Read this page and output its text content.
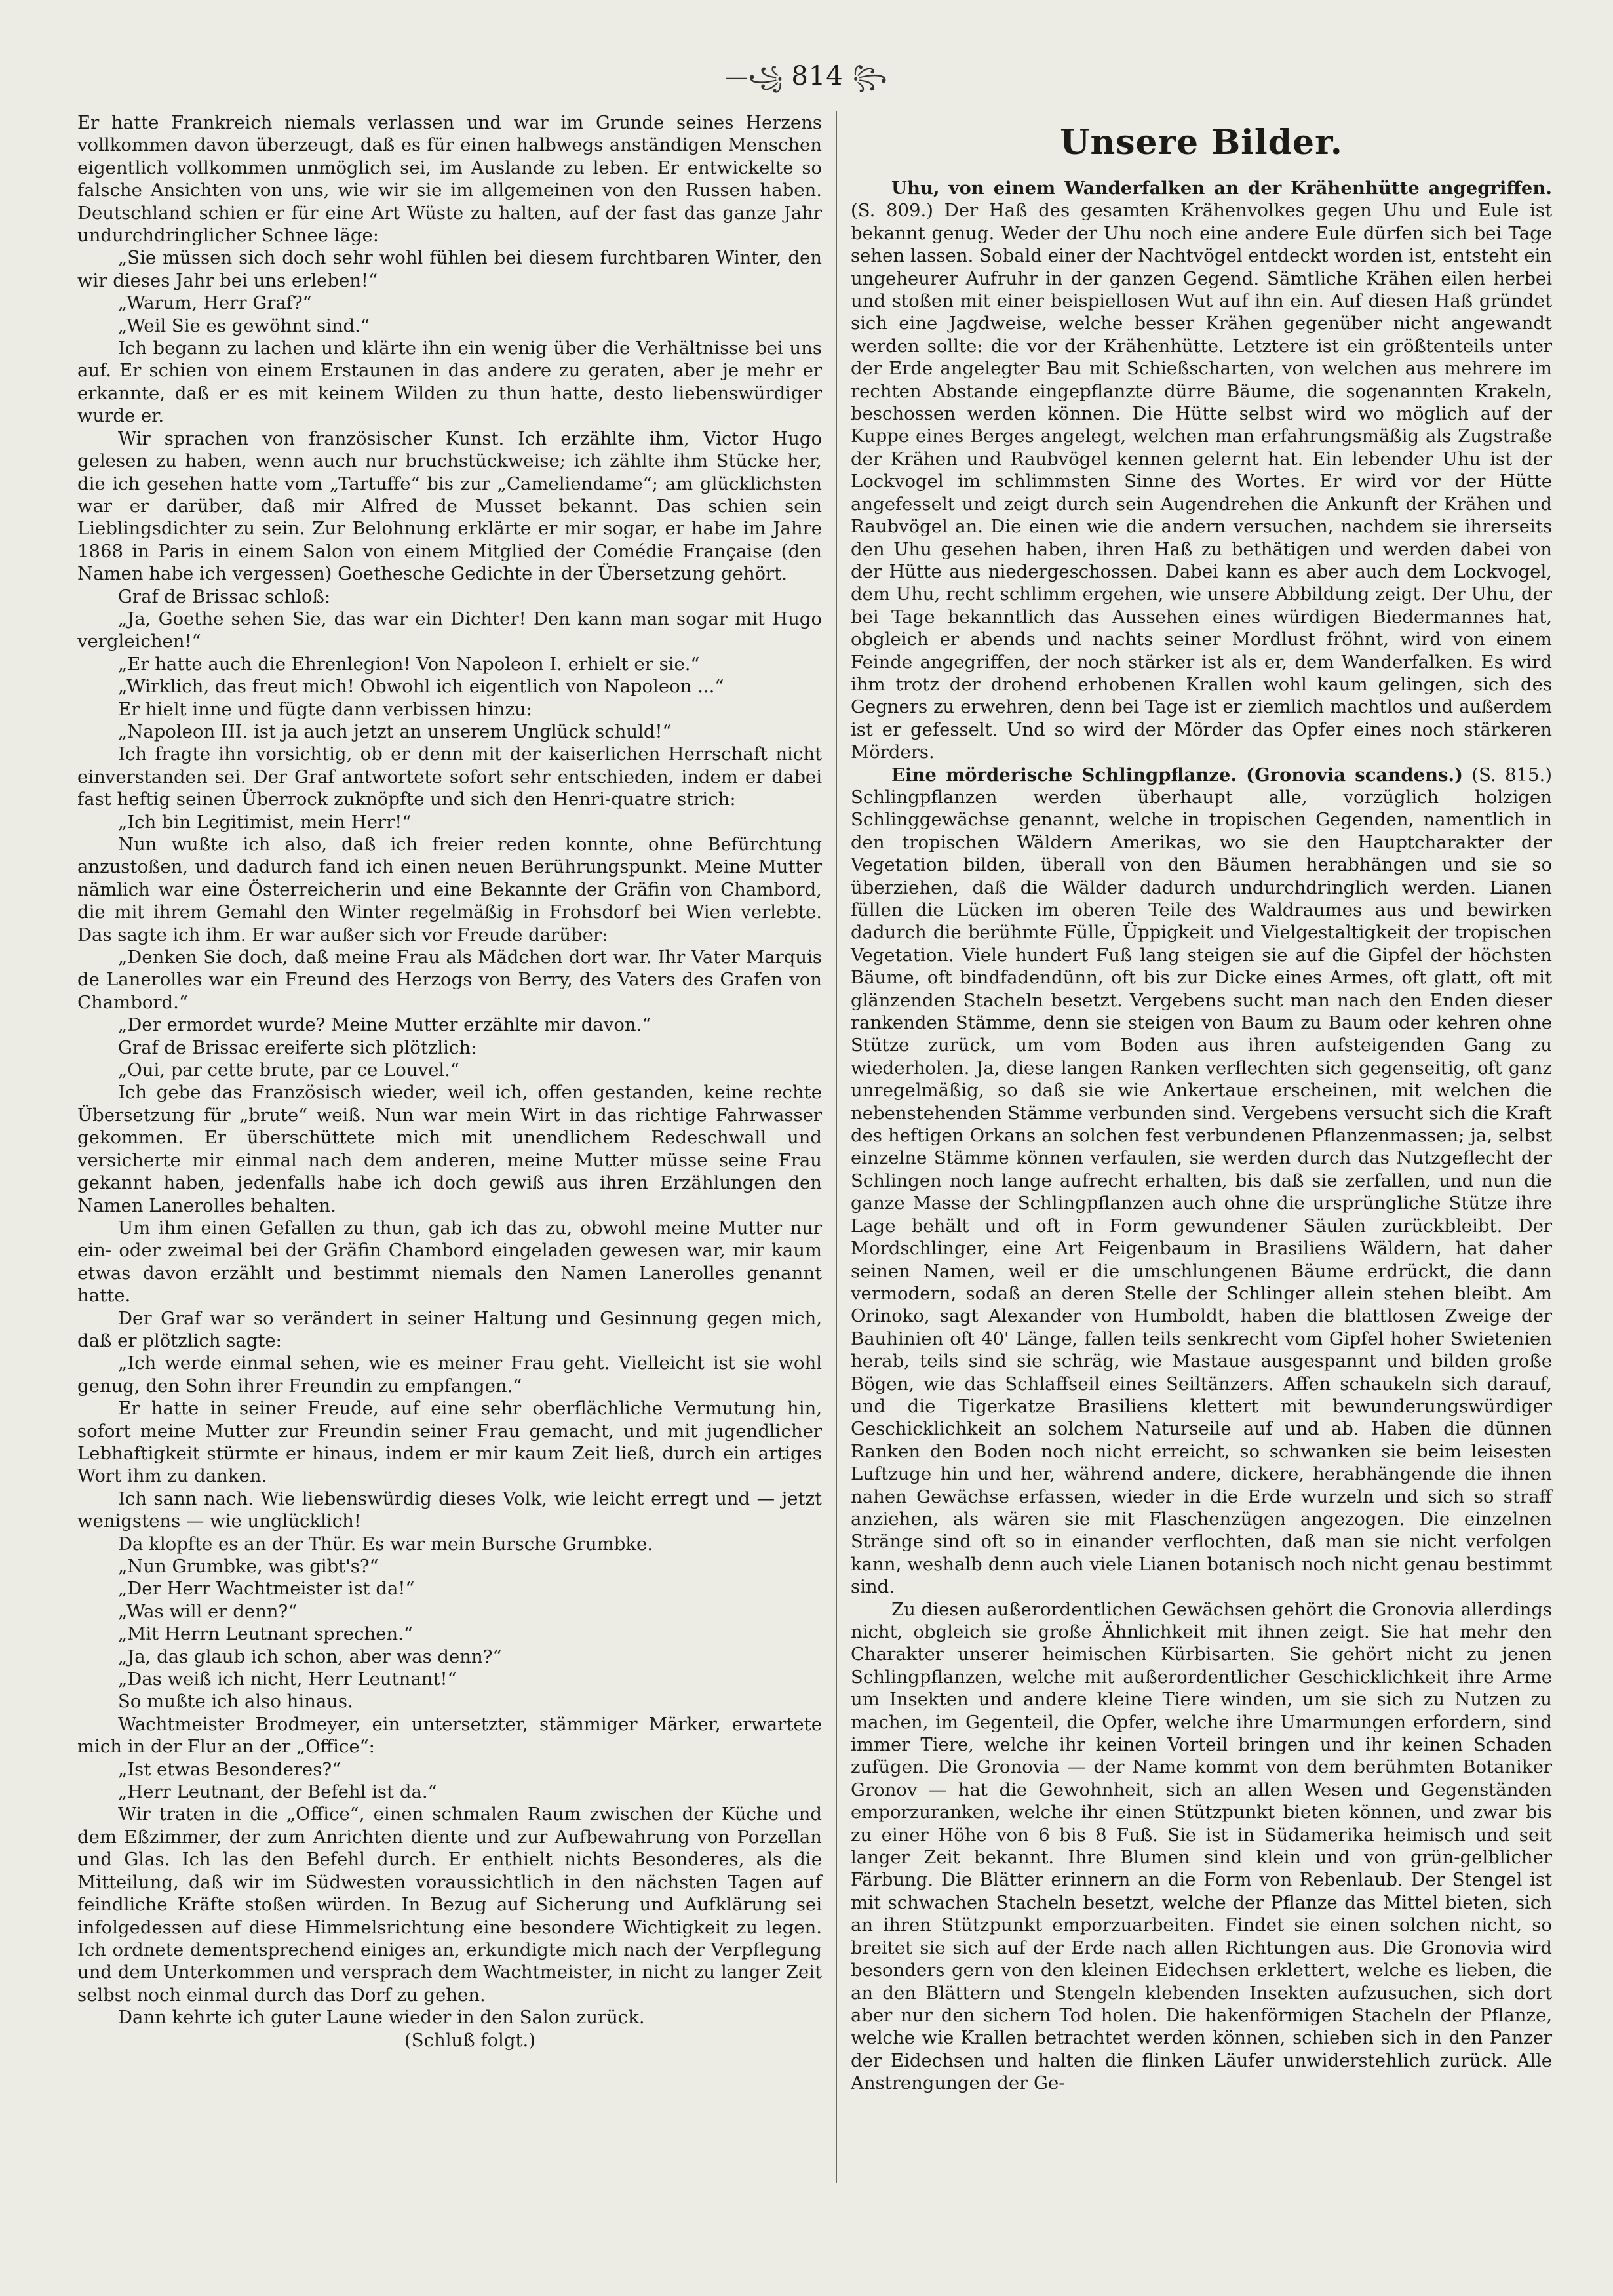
—꧁ 814 ꧂

Er hatte Frankreich niemals verlassen und war im Grunde seines Herzens vollkommen davon überzeugt, daß es für einen halbwegs anständigen Menschen eigentlich vollkommen unmöglich sei, im Auslande zu leben. Er entwickelte so falsche Ansichten von uns, wie wir sie im allgemeinen von den Russen haben. Deutschland schien er für eine Art Wüste zu halten, auf der fast das ganze Jahr undurchdringlicher Schnee läge:

„Sie müssen sich doch sehr wohl fühlen bei diesem furchtbaren Winter, den wir dieses Jahr bei uns erleben!“

„Warum, Herr Graf?“

„Weil Sie es gewöhnt sind.“

Ich begann zu lachen und klärte ihn ein wenig über die Verhältnisse bei uns auf. Er schien von einem Erstaunen in das andere zu geraten, aber je mehr er erkannte, daß er es mit keinem Wilden zu thun hatte, desto liebenswürdiger wurde er.

Wir sprachen von französischer Kunst. Ich erzählte ihm, Victor Hugo gelesen zu haben, wenn auch nur bruchstückweise; ich zählte ihm Stücke her, die ich gesehen hatte vom „Tartuffe“ bis zur „Cameliendame“; am glücklichsten war er darüber, daß mir Alfred de Musset bekannt. Das schien sein Lieblingsdichter zu sein. Zur Belohnung erklärte er mir sogar, er habe im Jahre 1868 in Paris in einem Salon von einem Mitglied der Comédie Française (den Namen habe ich vergessen) Goethesche Gedichte in der Übersetzung gehört.

Graf de Brissac schloß:

„Ja, Goethe sehen Sie, das war ein Dichter! Den kann man sogar mit Hugo vergleichen!“

„Er hatte auch die Ehrenlegion! Von Napoleon I. erhielt er sie.“

„Wirklich, das freut mich! Obwohl ich eigentlich von Napoleon ...“

Er hielt inne und fügte dann verbissen hinzu:

„Napoleon III. ist ja auch jetzt an unserem Unglück schuld!“

Ich fragte ihn vorsichtig, ob er denn mit der kaiserlichen Herrschaft nicht einverstanden sei. Der Graf antwortete sofort sehr entschieden, indem er dabei fast heftig seinen Überrock zuknöpfte und sich den Henri-quatre strich:

„Ich bin Legitimist, mein Herr!“

Nun wußte ich also, daß ich freier reden konnte, ohne Befürchtung anzustoßen, und dadurch fand ich einen neuen Berührungspunkt. Meine Mutter nämlich war eine Österreicherin und eine Bekannte der Gräfin von Chambord, die mit ihrem Gemahl den Winter regelmäßig in Frohsdorf bei Wien verlebte. Das sagte ich ihm. Er war außer sich vor Freude darüber:

„Denken Sie doch, daß meine Frau als Mädchen dort war. Ihr Vater Marquis de Lanerolles war ein Freund des Herzogs von Berry, des Vaters des Grafen von Chambord.“

„Der ermordet wurde? Meine Mutter erzählte mir davon.“

Graf de Brissac ereiferte sich plötzlich:

„Oui, par cette brute, par ce Louvel.“

Ich gebe das Französisch wieder, weil ich, offen gestanden, keine rechte Übersetzung für „brute“ weiß. Nun war mein Wirt in das richtige Fahrwasser gekommen. Er überschüttete mich mit unendlichem Redeschwall und versicherte mir einmal nach dem anderen, meine Mutter müsse seine Frau gekannt haben, jedenfalls habe ich doch gewiß aus ihren Erzählungen den Namen Lanerolles behalten.

Um ihm einen Gefallen zu thun, gab ich das zu, obwohl meine Mutter nur ein- oder zweimal bei der Gräfin Chambord eingeladen gewesen war, mir kaum etwas davon erzählt und bestimmt niemals den Namen Lanerolles genannt hatte.

Der Graf war so verändert in seiner Haltung und Gesinnung gegen mich, daß er plötzlich sagte:

„Ich werde einmal sehen, wie es meiner Frau geht. Vielleicht ist sie wohl genug, den Sohn ihrer Freundin zu empfangen.“

Er hatte in seiner Freude, auf eine sehr oberflächliche Vermutung hin, sofort meine Mutter zur Freundin seiner Frau gemacht, und mit jugendlicher Lebhaftigkeit stürmte er hinaus, indem er mir kaum Zeit ließ, durch ein artiges Wort ihm zu danken.

Ich sann nach. Wie liebenswürdig dieses Volk, wie leicht erregt und — jetzt wenigstens — wie unglücklich!

Da klopfte es an der Thür. Es war mein Bursche Grumbke.

„Nun Grumbke, was gibt's?“

„Der Herr Wachtmeister ist da!“

„Was will er denn?“

„Mit Herrn Leutnant sprechen.“

„Ja, das glaub ich schon, aber was denn?“

„Das weiß ich nicht, Herr Leutnant!“

So mußte ich also hinaus.

Wachtmeister Brodmeyer, ein untersetzter, stämmiger Märker, erwartete mich in der Flur an der „Office“:

„Ist etwas Besonderes?“

„Herr Leutnant, der Befehl ist da.“

Wir traten in die „Office“, einen schmalen Raum zwischen der Küche und dem Eßzimmer, der zum Anrichten diente und zur Aufbewahrung von Porzellan und Glas. Ich las den Befehl durch. Er enthielt nichts Besonderes, als die Mitteilung, daß wir im Südwesten voraussichtlich in den nächsten Tagen auf feindliche Kräfte stoßen würden. In Bezug auf Sicherung und Aufklärung sei infolgedessen auf diese Himmelsrichtung eine besondere Wichtigkeit zu legen. Ich ordnete dementsprechend einiges an, erkundigte mich nach der Verpflegung und dem Unterkommen und versprach dem Wachtmeister, in nicht zu langer Zeit selbst noch einmal durch das Dorf zu gehen.

Dann kehrte ich guter Laune wieder in den Salon zurück.

(Schluß folgt.)

Unsere Bilder.

Uhu, von einem Wanderfalken an der Krähenhütte angegriffen. (S. 809.) Der Haß des gesamten Krähenvolkes gegen Uhu und Eule ist bekannt genug. Weder der Uhu noch eine andere Eule dürfen sich bei Tage sehen lassen. Sobald einer der Nachtvögel entdeckt worden ist, entsteht ein ungeheurer Aufruhr in der ganzen Gegend. Sämtliche Krähen eilen herbei und stoßen mit einer beispiellosen Wut auf ihn ein. Auf diesen Haß gründet sich eine Jagdweise, welche besser Krähen gegenüber nicht angewandt werden sollte: die vor der Krähenhütte. Letztere ist ein größtenteils unter der Erde angelegter Bau mit Schießscharten, von welchen aus mehrere im rechten Abstande eingepflanzte dürre Bäume, die sogenannten Krakeln, beschossen werden können. Die Hütte selbst wird wo möglich auf der Kuppe eines Berges angelegt, welchen man erfahrungsmäßig als Zugstraße der Krähen und Raubvögel kennen gelernt hat. Ein lebender Uhu ist der Lockvogel im schlimmsten Sinne des Wortes. Er wird vor der Hütte angefesselt und zeigt durch sein Augendrehen die Ankunft der Krähen und Raubvögel an. Die einen wie die andern versuchen, nachdem sie ihrerseits den Uhu gesehen haben, ihren Haß zu bethätigen und werden dabei von der Hütte aus niedergeschossen. Dabei kann es aber auch dem Lockvogel, dem Uhu, recht schlimm ergehen, wie unsere Abbildung zeigt. Der Uhu, der bei Tage bekanntlich das Aussehen eines würdigen Biedermannes hat, obgleich er abends und nachts seiner Mordlust fröhnt, wird von einem Feinde angegriffen, der noch stärker ist als er, dem Wanderfalken. Es wird ihm trotz der drohend erhobenen Krallen wohl kaum gelingen, sich des Gegners zu erwehren, denn bei Tage ist er ziemlich machtlos und außerdem ist er gefesselt. Und so wird der Mörder das Opfer eines noch stärkeren Mörders.

Eine mörderische Schlingpflanze. (Gronovia scandens.) (S. 815.) Schlingpflanzen werden überhaupt alle, vorzüglich holzigen Schlinggewächse genannt, welche in tropischen Gegenden, namentlich in den tropischen Wäldern Amerikas, wo sie den Hauptcharakter der Vegetation bilden, überall von den Bäumen herabhängen und sie so überziehen, daß die Wälder dadurch undurchdringlich werden. Lianen füllen die Lücken im oberen Teile des Waldraumes aus und bewirken dadurch die berühmte Fülle, Üppigkeit und Vielgestaltigkeit der tropischen Vegetation. Viele hundert Fuß lang steigen sie auf die Gipfel der höchsten Bäume, oft bindfadendünn, oft bis zur Dicke eines Armes, oft glatt, oft mit glänzenden Stacheln besetzt. Vergebens sucht man nach den Enden dieser rankenden Stämme, denn sie steigen von Baum zu Baum oder kehren ohne Stütze zurück, um vom Boden aus ihren aufsteigenden Gang zu wiederholen. Ja, diese langen Ranken verflechten sich gegenseitig, oft ganz unregelmäßig, so daß sie wie Ankertaue erscheinen, mit welchen die nebenstehenden Stämme verbunden sind. Vergebens versucht sich die Kraft des heftigen Orkans an solchen fest verbundenen Pflanzenmassen; ja, selbst einzelne Stämme können verfaulen, sie werden durch das Nutzgeflecht der Schlingen noch lange aufrecht erhalten, bis daß sie zerfallen, und nun die ganze Masse der Schlingpflanzen auch ohne die ursprüngliche Stütze ihre Lage behält und oft in Form gewundener Säulen zurückbleibt. Der Mordschlinger, eine Art Feigenbaum in Brasiliens Wäldern, hat daher seinen Namen, weil er die umschlungenen Bäume erdrückt, die dann vermodern, sodaß an deren Stelle der Schlinger allein stehen bleibt. Am Orinoko, sagt Alexander von Humboldt, haben die blattlosen Zweige der Bauhinien oft 40' Länge, fallen teils senkrecht vom Gipfel hoher Swietenien herab, teils sind sie schräg, wie Mastaue ausgespannt und bilden große Bögen, wie das Schlaffseil eines Seiltänzers. Affen schaukeln sich darauf, und die Tigerkatze Brasiliens klettert mit bewunderungswürdiger Geschicklichkeit an solchem Naturseile auf und ab. Haben die dünnen Ranken den Boden noch nicht erreicht, so schwanken sie beim leisesten Luftzuge hin und her, während andere, dickere, herabhängende die ihnen nahen Gewächse erfassen, wieder in die Erde wurzeln und sich so straff anziehen, als wären sie mit Flaschenzügen angezogen. Die einzelnen Stränge sind oft so in einander verflochten, daß man sie nicht verfolgen kann, weshalb denn auch viele Lianen botanisch noch nicht genau bestimmt sind.

Zu diesen außerordentlichen Gewächsen gehört die Gronovia allerdings nicht, obgleich sie große Ähnlichkeit mit ihnen zeigt. Sie hat mehr den Charakter unserer heimischen Kürbisarten. Sie gehört nicht zu jenen Schlingpflanzen, welche mit außerordentlicher Geschicklichkeit ihre Arme um Insekten und andere kleine Tiere winden, um sie sich zu Nutzen zu machen, im Gegenteil, die Opfer, welche ihre Umarmungen erfordern, sind immer Tiere, welche ihr keinen Vorteil bringen und ihr keinen Schaden zufügen. Die Gronovia — der Name kommt von dem berühmten Botaniker Gronov — hat die Gewohnheit, sich an allen Wesen und Gegenständen emporzuranken, welche ihr einen Stützpunkt bieten können, und zwar bis zu einer Höhe von 6 bis 8 Fuß. Sie ist in Südamerika heimisch und seit langer Zeit bekannt. Ihre Blumen sind klein und von grün-gelblicher Färbung. Die Blätter erinnern an die Form von Rebenlaub. Der Stengel ist mit schwachen Stacheln besetzt, welche der Pflanze das Mittel bieten, sich an ihren Stützpunkt emporzuarbeiten. Findet sie einen solchen nicht, so breitet sie sich auf der Erde nach allen Richtungen aus. Die Gronovia wird besonders gern von den kleinen Eidechsen erklettert, welche es lieben, die an den Blättern und Stengeln klebenden Insekten aufzusuchen, sich dort aber nur den sichern Tod holen. Die hakenförmigen Stacheln der Pflanze, welche wie Krallen betrachtet werden können, schieben sich in den Panzer der Eidechsen und halten die flinken Läufer unwiderstehlich zurück. Alle Anstrengungen der Ge-
